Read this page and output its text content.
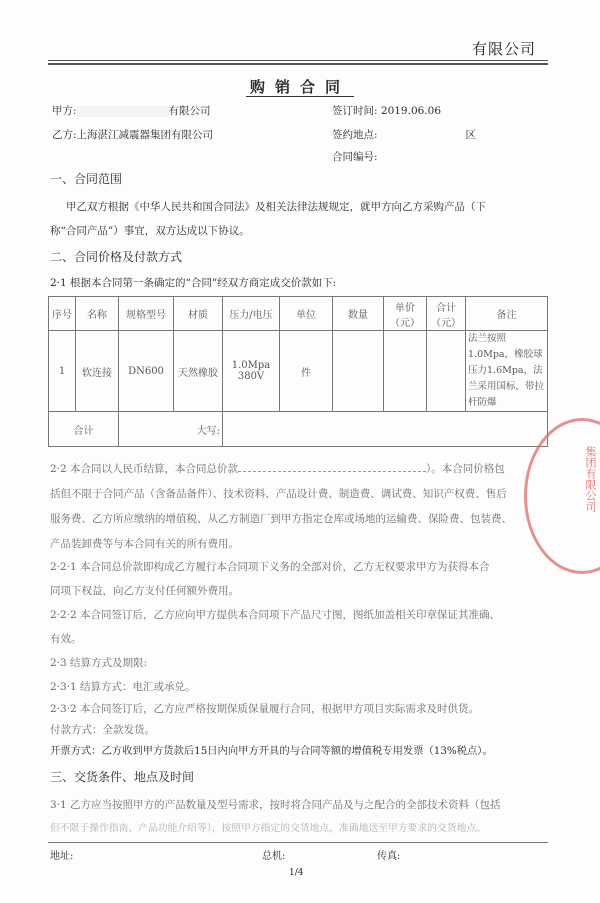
有限公司
购销合同
甲方:	有限公司
乙方:上海湛江减震器集团有限公司
签订时间: 2019.06.06
签约地点:	区
合同编号:
一、合同范围
甲乙双方根据《中华人民共和国合同法》及相关法律法规规定，就甲方向乙方采购产品（下
称“合同产品”）事宜，双方达成以下协议。
二、合同价格及付款方式
2·1 根据本合同第一条确定的“合同”经双方商定成交价款如下:
序号	名称	规格型号	材质	压力/电压	单位	数量	单价（元）	合计（元）	备注
1	软连接	DN600	天然橡胶	1.0Mpa 380V	件				法兰按照1.0Mpa，橡胶球压力1.6Mpa，法兰采用国标，带拉杆防爆
合计		大写:							
2·2 本合同以人民币结算，本合同总价款	）。本合同价格包
括但不限于合同产品（含备品备件）、技术资料、产品设计费、制造费、调试费、知识产权费、售后
服务费、乙方所应缴纳的增值税、从乙方制造厂到甲方指定仓库或场地的运输费、保险费、包装费、
产品装卸费等与本合同有关的所有费用。
2·2·1 本合同总价款即构成乙方履行本合同项下义务的全部对价，乙方无权要求甲方为获得本合
同项下权益，向乙方支付任何额外费用。
2·2·2 本合同签订后，乙方应向甲方提供本合同项下产品尺寸图，图纸加盖相关印章保证其准确、
有效。
2·3 结算方式及期限:
2·3·1 结算方式：电汇或承兑。
2·3·2 本合同签订后，乙方应严格按期保质保量履行合同，根据甲方项目实际需求及时供货。
付款方式：全款发货。
开票方式：乙方收到甲方货款后15日内向甲方开具的与合同等额的增值税专用发票（13%税点）。
三、交货条件、地点及时间
3·1 乙方应当按照甲方的产品数量及型号需求，按时将合同产品及与之配合的全部技术资料（包括
但不限于操作指南、产品功能介绍等），按照甲方指定的交货地点，准确地送至甲方要求的交货地点。
地址:	总机:	传真:
1/4
集团有限公司
